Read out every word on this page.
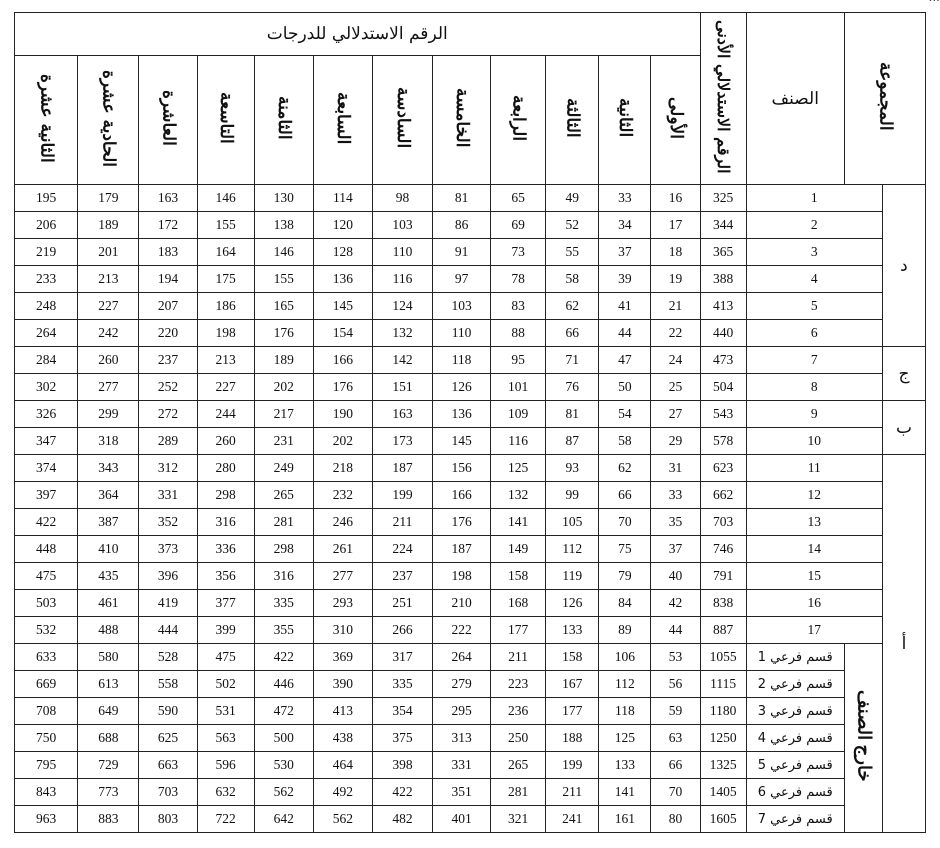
المجموعة		الصنف	الرقم الاستدلالي الأدنى	الرقم الاستدلالي للدرجات											
				الأولى	الثانية	الثالثة	الرابعة	الخامسة	السادسة	السابعة	الثامنة	التاسعة	العاشرة	الحادية عشرة	الثانية عشرة
د	1		325	16	33	49	65	81	98	114	130	146	163	179	195
	2		344	17	34	52	69	86	103	120	138	155	172	189	206
	3		365	18	37	55	73	91	110	128	146	164	183	201	219
	4		388	19	39	58	78	97	116	136	155	175	194	213	233
	5		413	21	41	62	83	103	124	145	165	186	207	227	248
	6		440	22	44	66	88	110	132	154	176	198	220	242	264
ج	7		473	24	47	71	95	118	142	166	189	213	237	260	284
	8		504	25	50	76	101	126	151	176	202	227	252	277	302
ب	9		543	27	54	81	109	136	163	190	217	244	272	299	326
	10		578	29	58	87	116	145	173	202	231	260	289	318	347
أ	11		623	31	62	93	125	156	187	218	249	280	312	343	374
	12		662	33	66	99	132	166	199	232	265	298	331	364	397
	13		703	35	70	105	141	176	211	246	281	316	352	387	422
	14		746	37	75	112	149	187	224	261	298	336	373	410	448
	15		791	40	79	119	158	198	237	277	316	356	396	435	475
	16		838	42	84	126	168	210	251	293	335	377	419	461	503
	17		887	44	89	133	177	222	266	310	355	399	444	488	532
	خارج الصنف	قسم فرعي 1	1055	53	106	158	211	264	317	369	422	475	528	580	633
		قسم فرعي 2	1115	56	112	167	223	279	335	390	446	502	558	613	669
		قسم فرعي 3	1180	59	118	177	236	295	354	413	472	531	590	649	708
		قسم فرعي 4	1250	63	125	188	250	313	375	438	500	563	625	688	750
		قسم فرعي 5	1325	66	133	199	265	331	398	464	530	596	663	729	795
		قسم فرعي 6	1405	70	141	211	281	351	422	492	562	632	703	773	843
		قسم فرعي 7	1605	80	161	241	321	401	482	562	642	722	803	883	963
